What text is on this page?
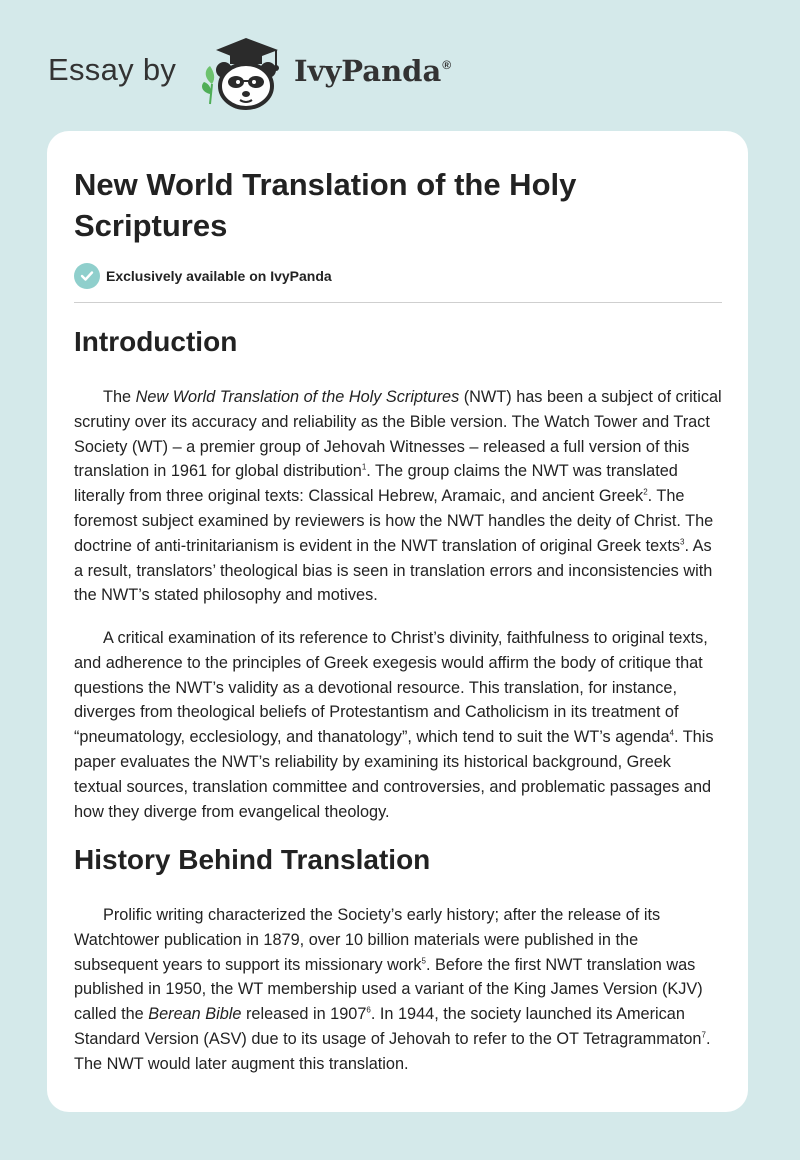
Essay by	IvyPanda®
New World Translation of the Holy Scriptures
Exclusively available on IvyPanda
Introduction

The New World Translation of the Holy Scriptures (NWT) has been a subject of critical scrutiny over its accuracy and reliability as the Bible version. The Watch Tower and Tract Society (WT) – a premier group of Jehovah Witnesses – released a full version of this translation in 1961 for global distribution$^1$. The group claims the NWT was translated literally from three original texts: Classical Hebrew, Aramaic, and ancient Greek$^2$. The foremost subject examined by reviewers is how the NWT handles the deity of Christ. The doctrine of anti-trinitarianism is evident in the NWT translation of original Greek texts$^3$. As a result, translators’ theological bias is seen in translation errors and inconsistencies with the NWT’s stated philosophy and motives.

A critical examination of its reference to Christ’s divinity, faithfulness to original texts, and adherence to the principles of Greek exegesis would affirm the body of critique that questions the NWT’s validity as a devotional resource. This translation, for instance, diverges from theological beliefs of Protestantism and Catholicism in its treatment of “pneumatology, ecclesiology, and thanatology”, which tend to suit the WT’s agenda$^4$. This paper evaluates the NWT’s reliability by examining its historical background, Greek textual sources, translation committee and controversies, and problematic passages and how they diverge from evangelical theology.

History Behind Translation

Prolific writing characterized the Society’s early history; after the release of its Watchtower publication in 1879, over 10 billion materials were published in the subsequent years to support its missionary work$^5$. Before the first NWT translation was published in 1950, the WT membership used a variant of the King James Version (KJV) called the Berean Bible released in 1907$^6$. In 1944, the society launched its American Standard Version (ASV) due to its usage of Jehovah to refer to the OT Tetragrammaton$^7$. The NWT would later augment this translation.
